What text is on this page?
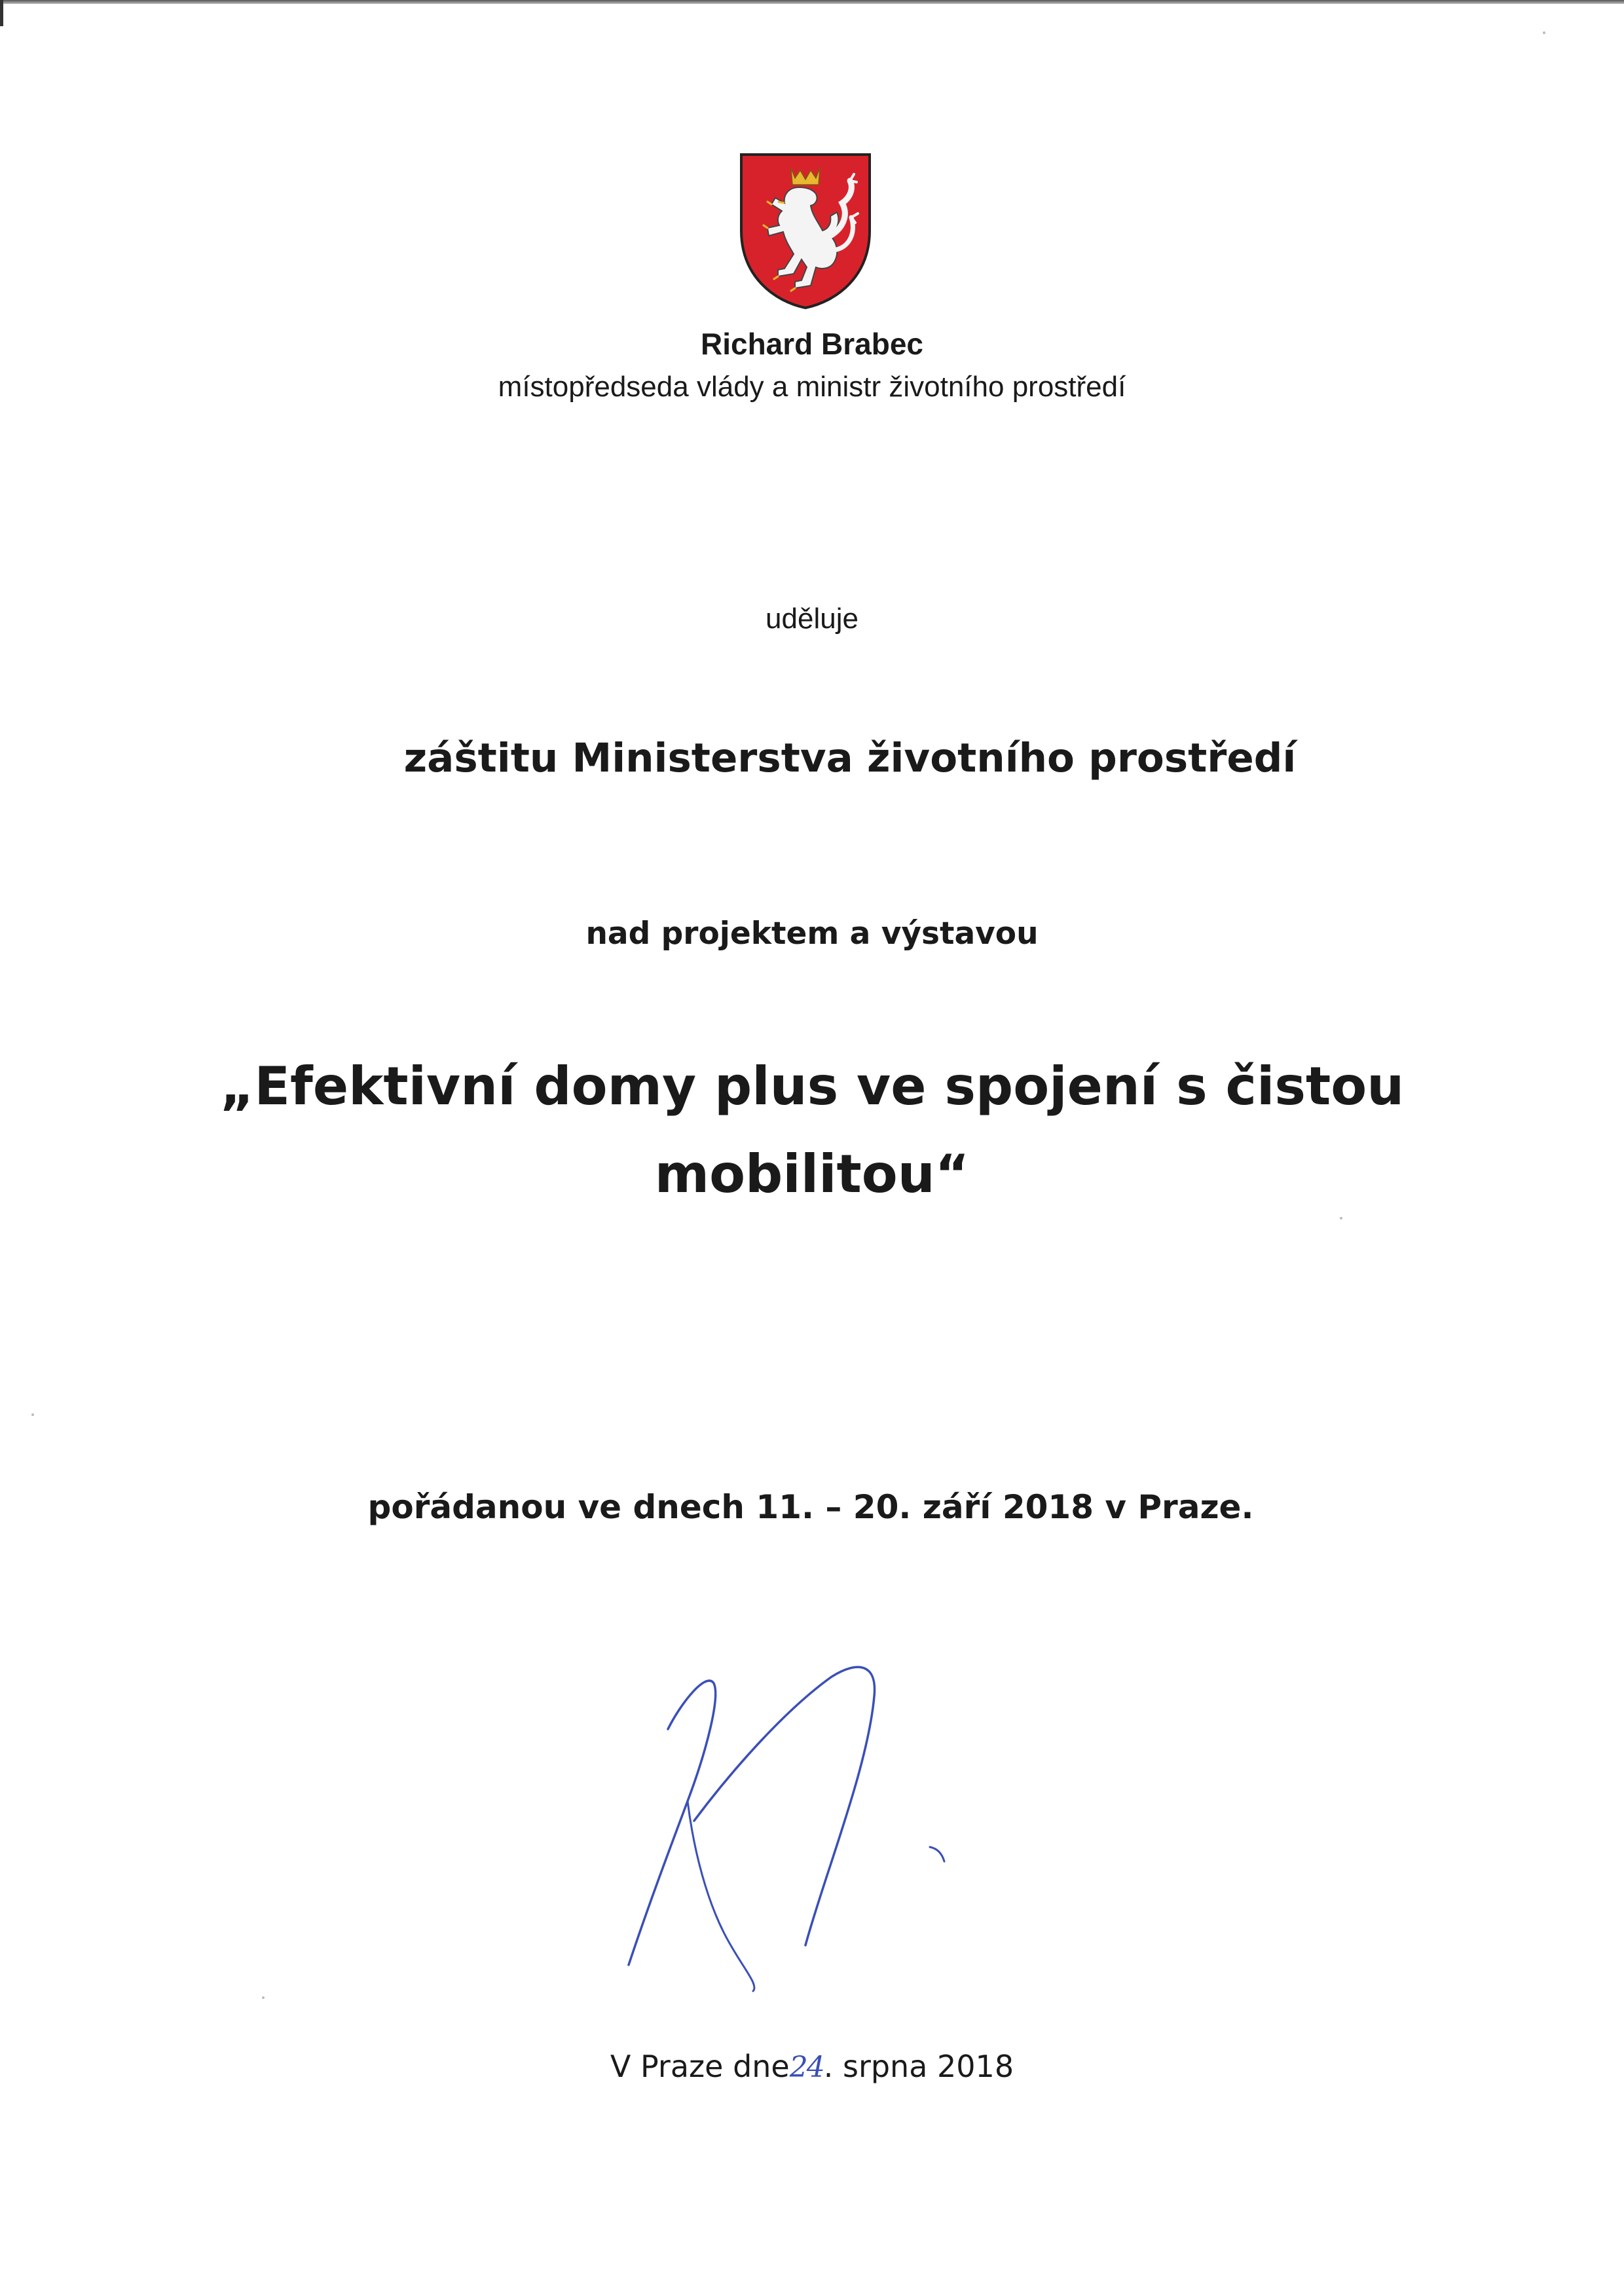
Richard Brabec
místopředseda vlády a ministr životního prostředí
uděluje
záštitu Ministerstva životního prostředí
nad projektem a výstavou
„Efektivní domy plus ve spojení s čistou
mobilitou“
pořádanou ve dnech 11. – 20. září 2018 v Praze.
V Praze dne24. srpna 2018
